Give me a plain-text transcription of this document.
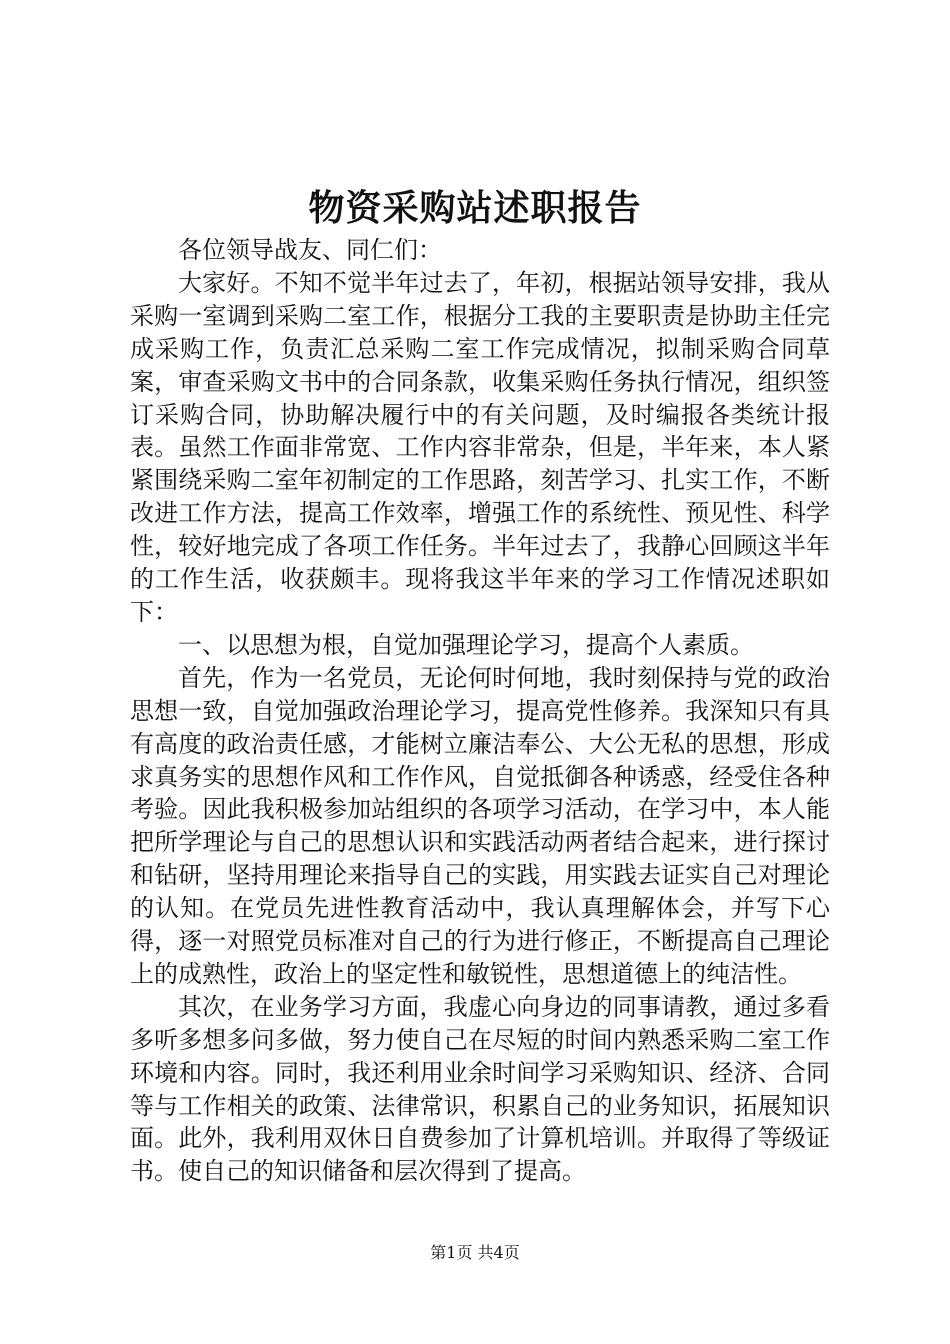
物资采购站述职报告

各位领导战友、同仁们：

大家好。不知不觉半年过去了，年初，根据站领导安排，我从采购一室调到采购二室工作，根据分工我的主要职责是协助主任完成采购工作，负责汇总采购二室工作完成情况，拟制采购合同草案，审查采购文书中的合同条款，收集采购任务执行情况，组织签订采购合同，协助解决履行中的有关问题，及时编报各类统计报表。虽然工作面非常宽、工作内容非常杂，但是，半年来，本人紧紧围绕采购二室年初制定的工作思路，刻苦学习、扎实工作，不断改进工作方法，提高工作效率，增强工作的系统性、预见性、科学性，较好地完成了各项工作任务。半年过去了，我静心回顾这半年的工作生活，收获颇丰。现将我这半年来的学习工作情况述职如下：

一、以思想为根，自觉加强理论学习，提高个人素质。

首先，作为一名党员，无论何时何地，我时刻保持与党的政治思想一致，自觉加强政治理论学习，提高党性修养。我深知只有具有高度的政治责任感，才能树立廉洁奉公、大公无私的思想，形成求真务实的思想作风和工作作风，自觉抵御各种诱惑，经受住各种考验。因此我积极参加站组织的各项学习活动，在学习中，本人能把所学理论与自己的思想认识和实践活动两者结合起来，进行探讨和钻研，坚持用理论来指导自己的实践，用实践去证实自己对理论的认知。在党员先进性教育活动中，我认真理解体会，并写下心得，逐一对照党员标准对自己的行为进行修正，不断提高自己理论上的成熟性，政治上的坚定性和敏锐性，思想道德上的纯洁性。

其次，在业务学习方面，我虚心向身边的同事请教，通过多看多听多想多问多做，努力使自己在尽短的时间内熟悉采购二室工作环境和内容。同时，我还利用业余时间学习采购知识、经济、合同等与工作相关的政策、法律常识，积累自己的业务知识，拓展知识面。此外，我利用双休日自费参加了计算机培训。并取得了等级证书。使自己的知识储备和层次得到了提高。

第1页 共4页
